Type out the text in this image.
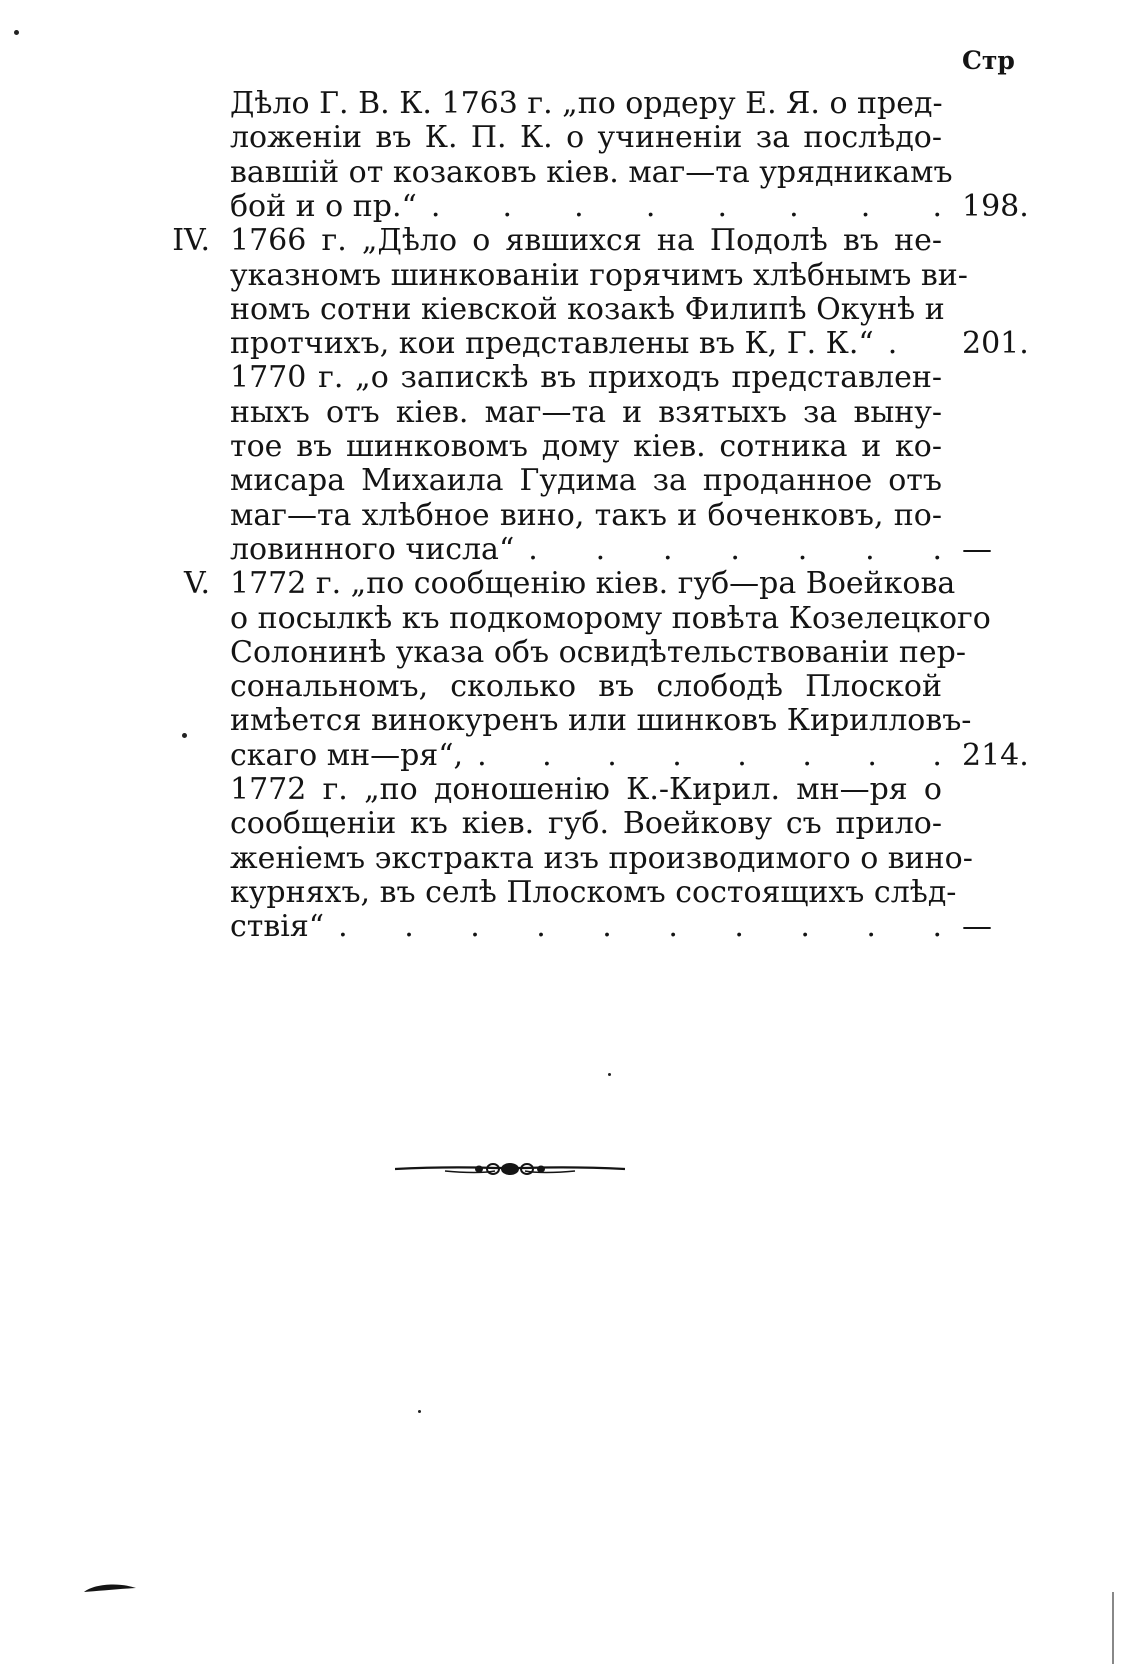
Стр
Дѣло Г. В. К. 1763 г. „по ордеру Е. Я. о пред-
ложеніи въ К. П. К. о учиненіи за послѣдо-
вавшій от козаковъ кіев. маг—та урядникамъ
бой и о пр.“ . . . . . . . . 198.
IV. 1766 г. „Дѣло о явшихся на Подолѣ въ не-
указномъ шинкованіи горячимъ хлѣбнымъ ви-
номъ сотни кіевской козакѣ Филипѣ Окунѣ и
протчихъ, кои представлены въ К, Г. К.“ . 201.
1770 г. „о запискѣ въ приходъ представлен-
ныхъ отъ кіев. маг—та и взятыхъ за выну-
тое въ шинковомъ дому кіев. сотника и ко-
мисара Михаила Гудима за проданное отъ
маг—та хлѣбное вино, такъ и боченковъ, по-
ловинного числа“ . . . . . . . —
V. 1772 г. „по сообщенію кіев. губ—ра Воейкова
о посылкѣ къ подкоморому повѣта Козелецкого
Солонинѣ указа объ освидѣтельствованіи пер-
сональномъ, сколько въ слободѣ Плоской
имѣется винокуренъ или шинковъ Кирилловъ-
скаго мн—ря“, . . . . . . . . 214.
1772 г. „по доношенію К.-Кирил. мн—ря о
сообщеніи къ кіев. губ. Воейкову съ прило-
женіемъ экстракта изъ производимого о вино-
курняхъ, въ селѣ Плоскомъ состоящихъ слѣд-
ствія“ . . . . . . . . . . —
